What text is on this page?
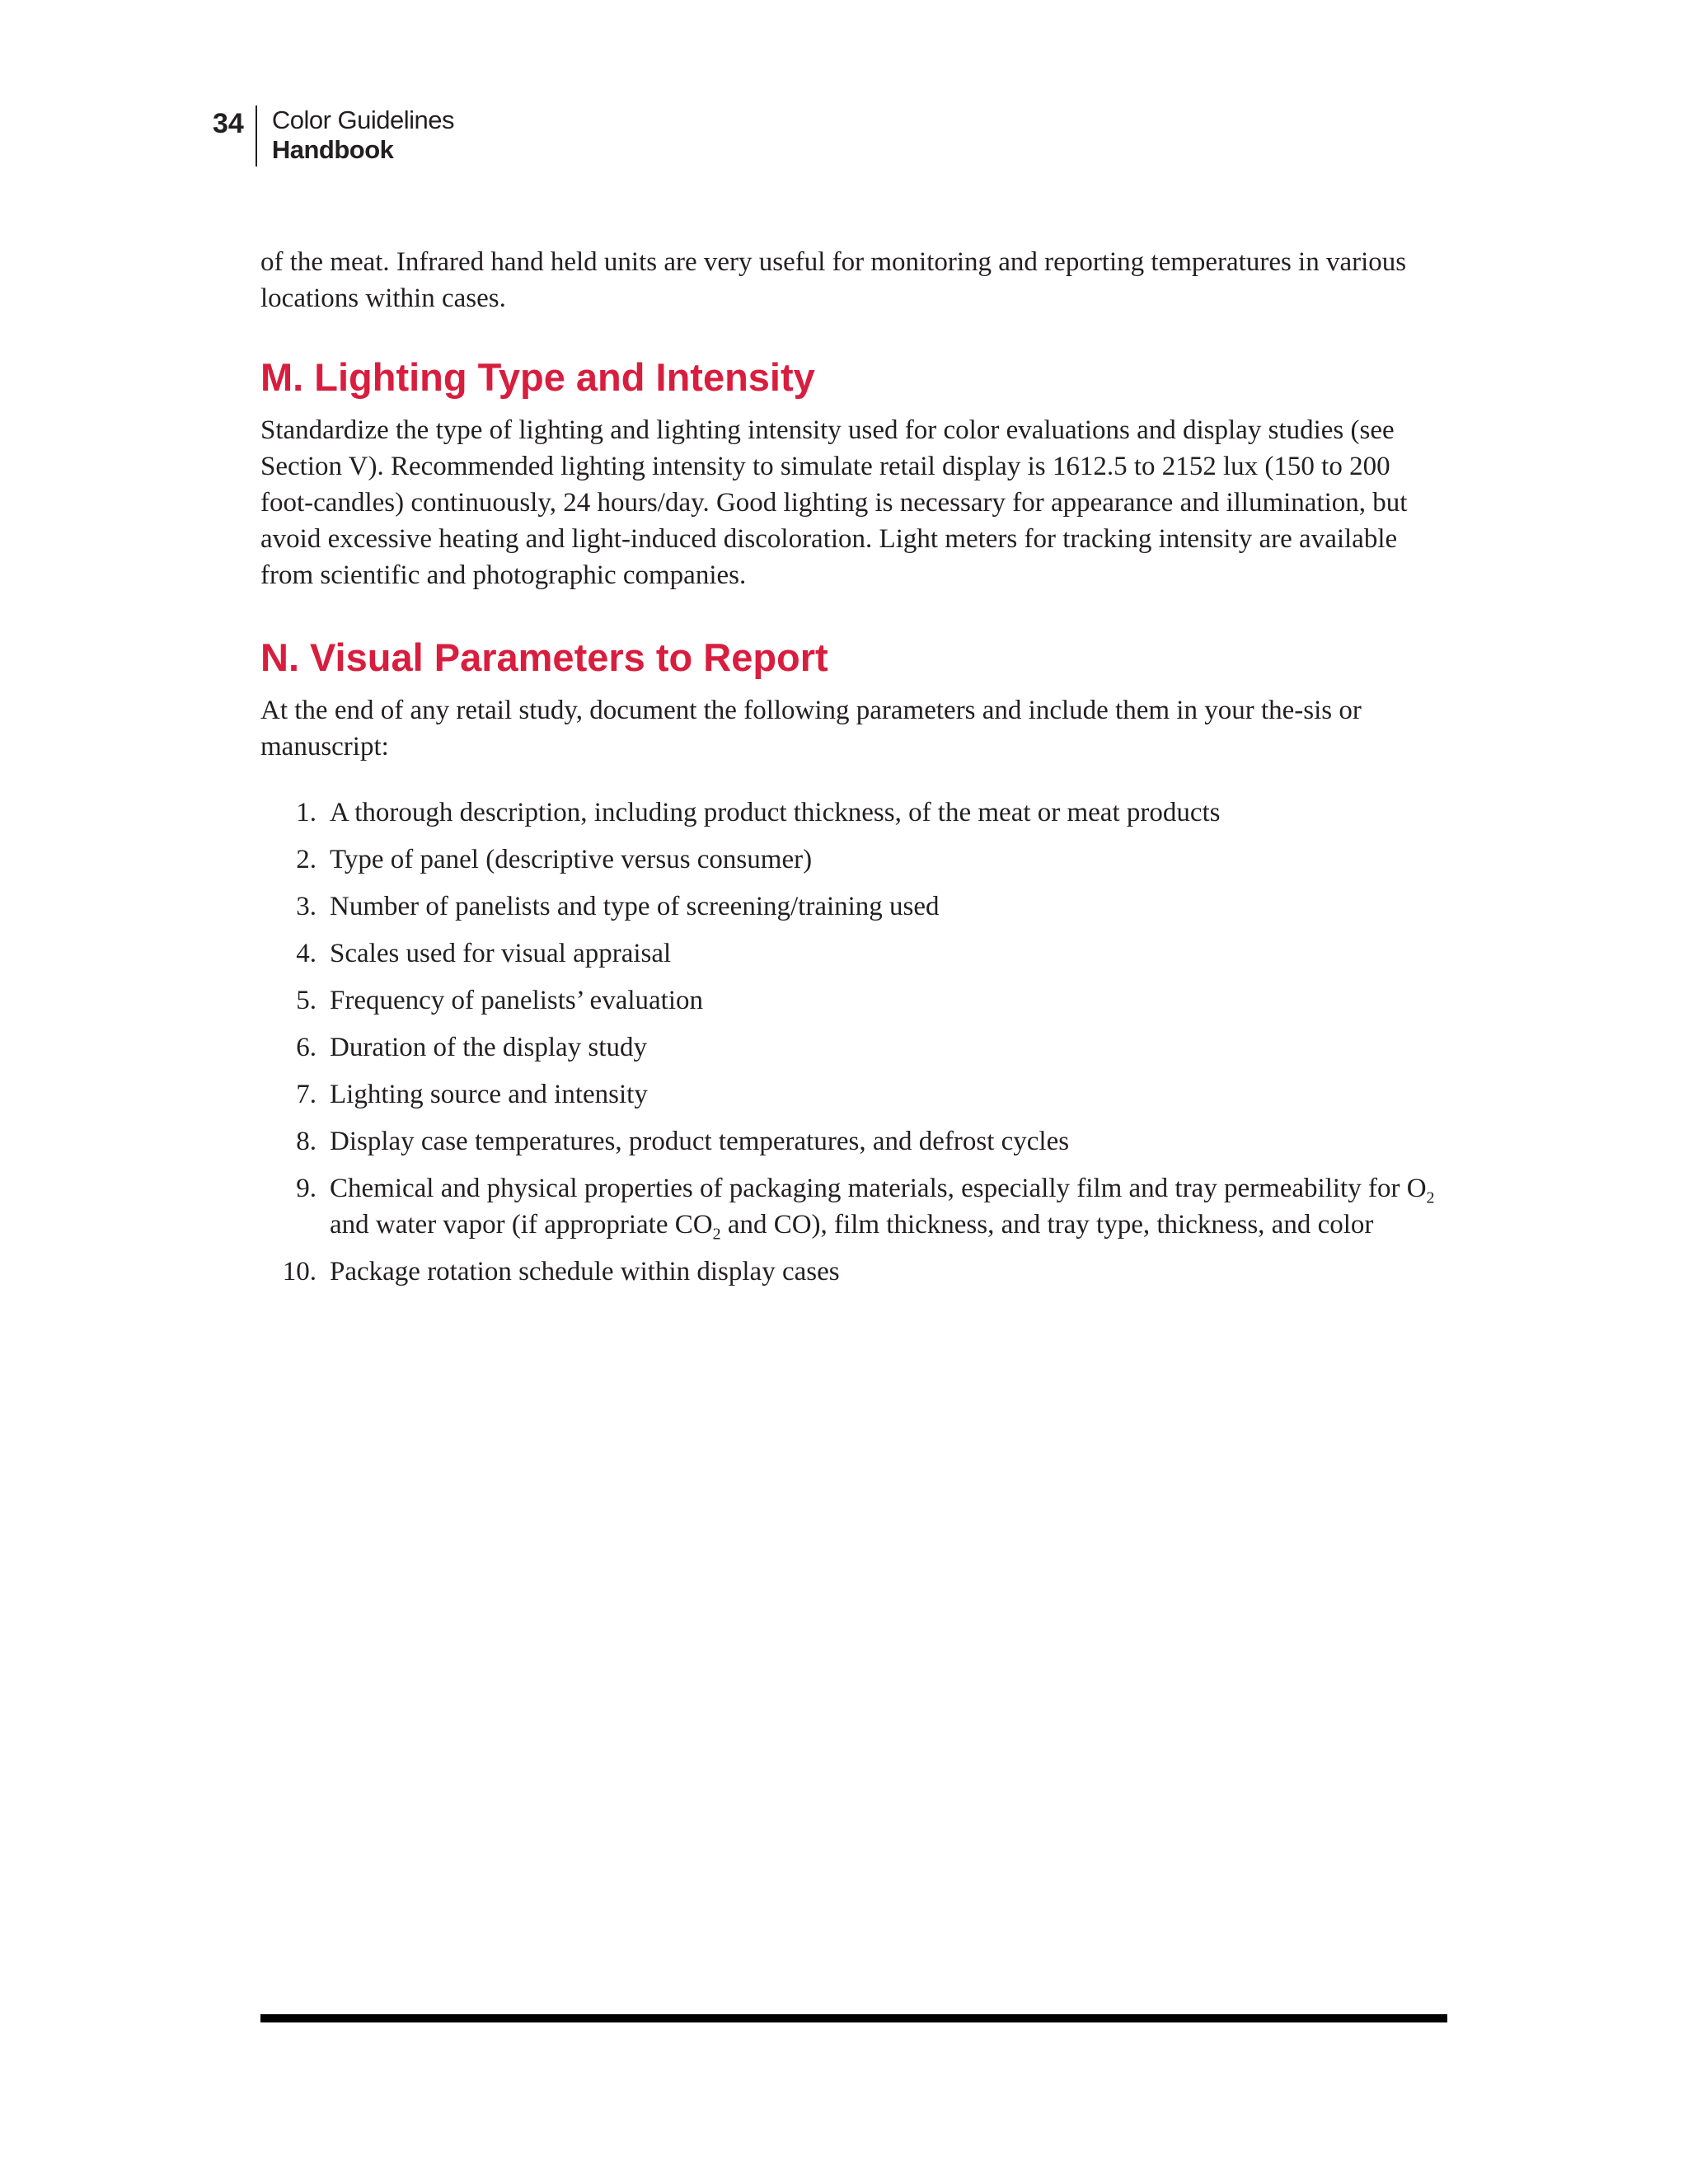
34	Color Guidelines
Handbook

of the meat. Infrared hand held units are very useful for monitoring and reporting temperatures in various locations within cases.

M. Lighting Type and Intensity

Standardize the type of lighting and lighting intensity used for color evaluations and display studies (see Section V). Recommended lighting intensity to simulate retail display is 1612.5 to 2152 lux (150 to 200 foot-candles) continuously, 24 hours/day. Good lighting is necessary for appearance and illumination, but avoid excessive heating and light-induced discoloration. Light meters for tracking intensity are available from scientific and photographic companies.

N. Visual Parameters to Report

At the end of any retail study, document the following parameters and include them in your the-sis or manuscript:

1. A thorough description, including product thickness, of the meat or meat products
2. Type of panel (descriptive versus consumer)
3. Number of panelists and type of screening/training used
4. Scales used for visual appraisal
5. Frequency of panelists’ evaluation
6. Duration of the display study
7. Lighting source and intensity
8. Display case temperatures, product temperatures, and defrost cycles
9. Chemical and physical properties of packaging materials, especially film and tray permeability for $O_2$ and water vapor (if appropriate $CO_2$ and CO), film thickness, and tray type, thickness, and color
10. Package rotation schedule within display cases
